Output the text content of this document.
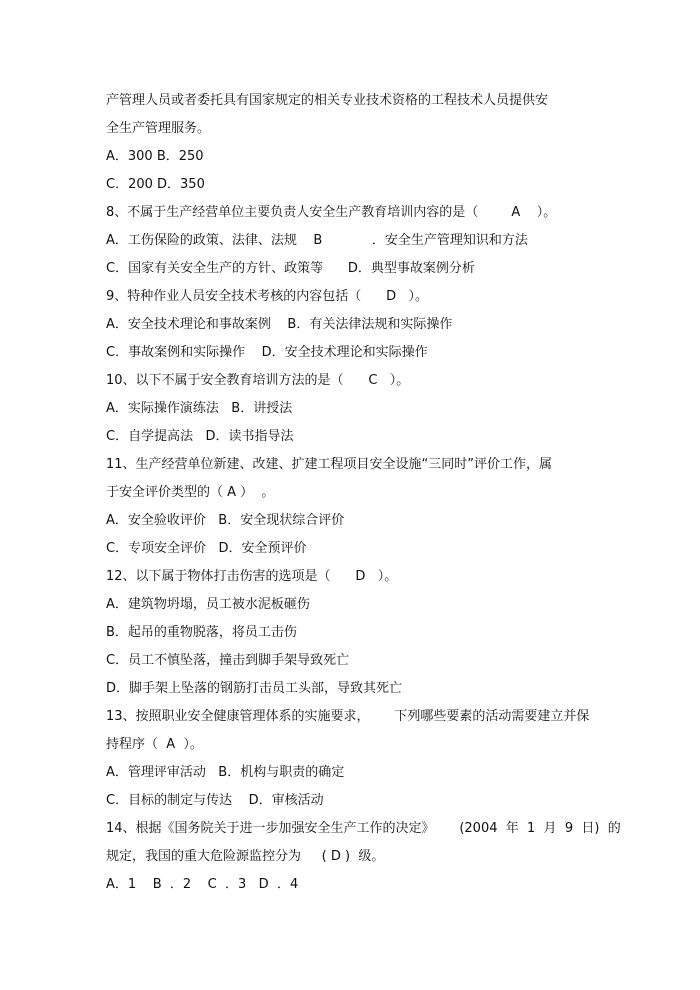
产管理人员或者委托具有国家规定的相关专业技术资格的工程技术人员提供安
全生产管理服务。
A．300 B．250
C．200 D．350
8、不属于生产经营单位主要负责人安全生产教育培训内容的是（        A    ）。
A．工伤保险的政策、法律、法规    B            ．安全生产管理知识和方法
C．国家有关安全生产的方针、政策等      D．典型事故案例分析
9、特种作业人员安全技术考核的内容包括（      D   ）。
A．安全技术理论和事故案例    B．有关法律法规和实际操作
C．事故案例和实际操作    D．安全技术理论和实际操作
10、以下不属于安全教育培训方法的是（      C   ）。
A．实际操作演练法   B．讲授法
C．自学提高法   D．读书指导法
11、生产经营单位新建、改建、扩建工程项目安全设施“三同时”评价工作，属
于安全评价类型的（ A ）  。
A．安全验收评价   B．安全现状综合评价
C．专项安全评价   D．安全预评价
12、以下属于物体打击伤害的选项是（      D   ）。
A．建筑物坍塌，员工被水泥板砸伤
B．起吊的重物脱落，将员工击伤
C．员工不慎坠落，撞击到脚手架导致死亡
D．脚手架上坠落的钢筋打击员工头部，导致其死亡
13、按照职业安全健康管理体系的实施要求，      下列哪些要素的活动需要建立并保
持程序（  A  ）。
A．管理评审活动   B．机构与职责的确定
C．目标的制定与传达    D．审核活动
14、根据《国务院关于进一步加强安全生产工作的决定》      (2004  年  1  月  9  日)  的
规定，我国的重大危险源监控分为     ( D )  级。
A．1    B  ．2    C  ．3   D  ．4
